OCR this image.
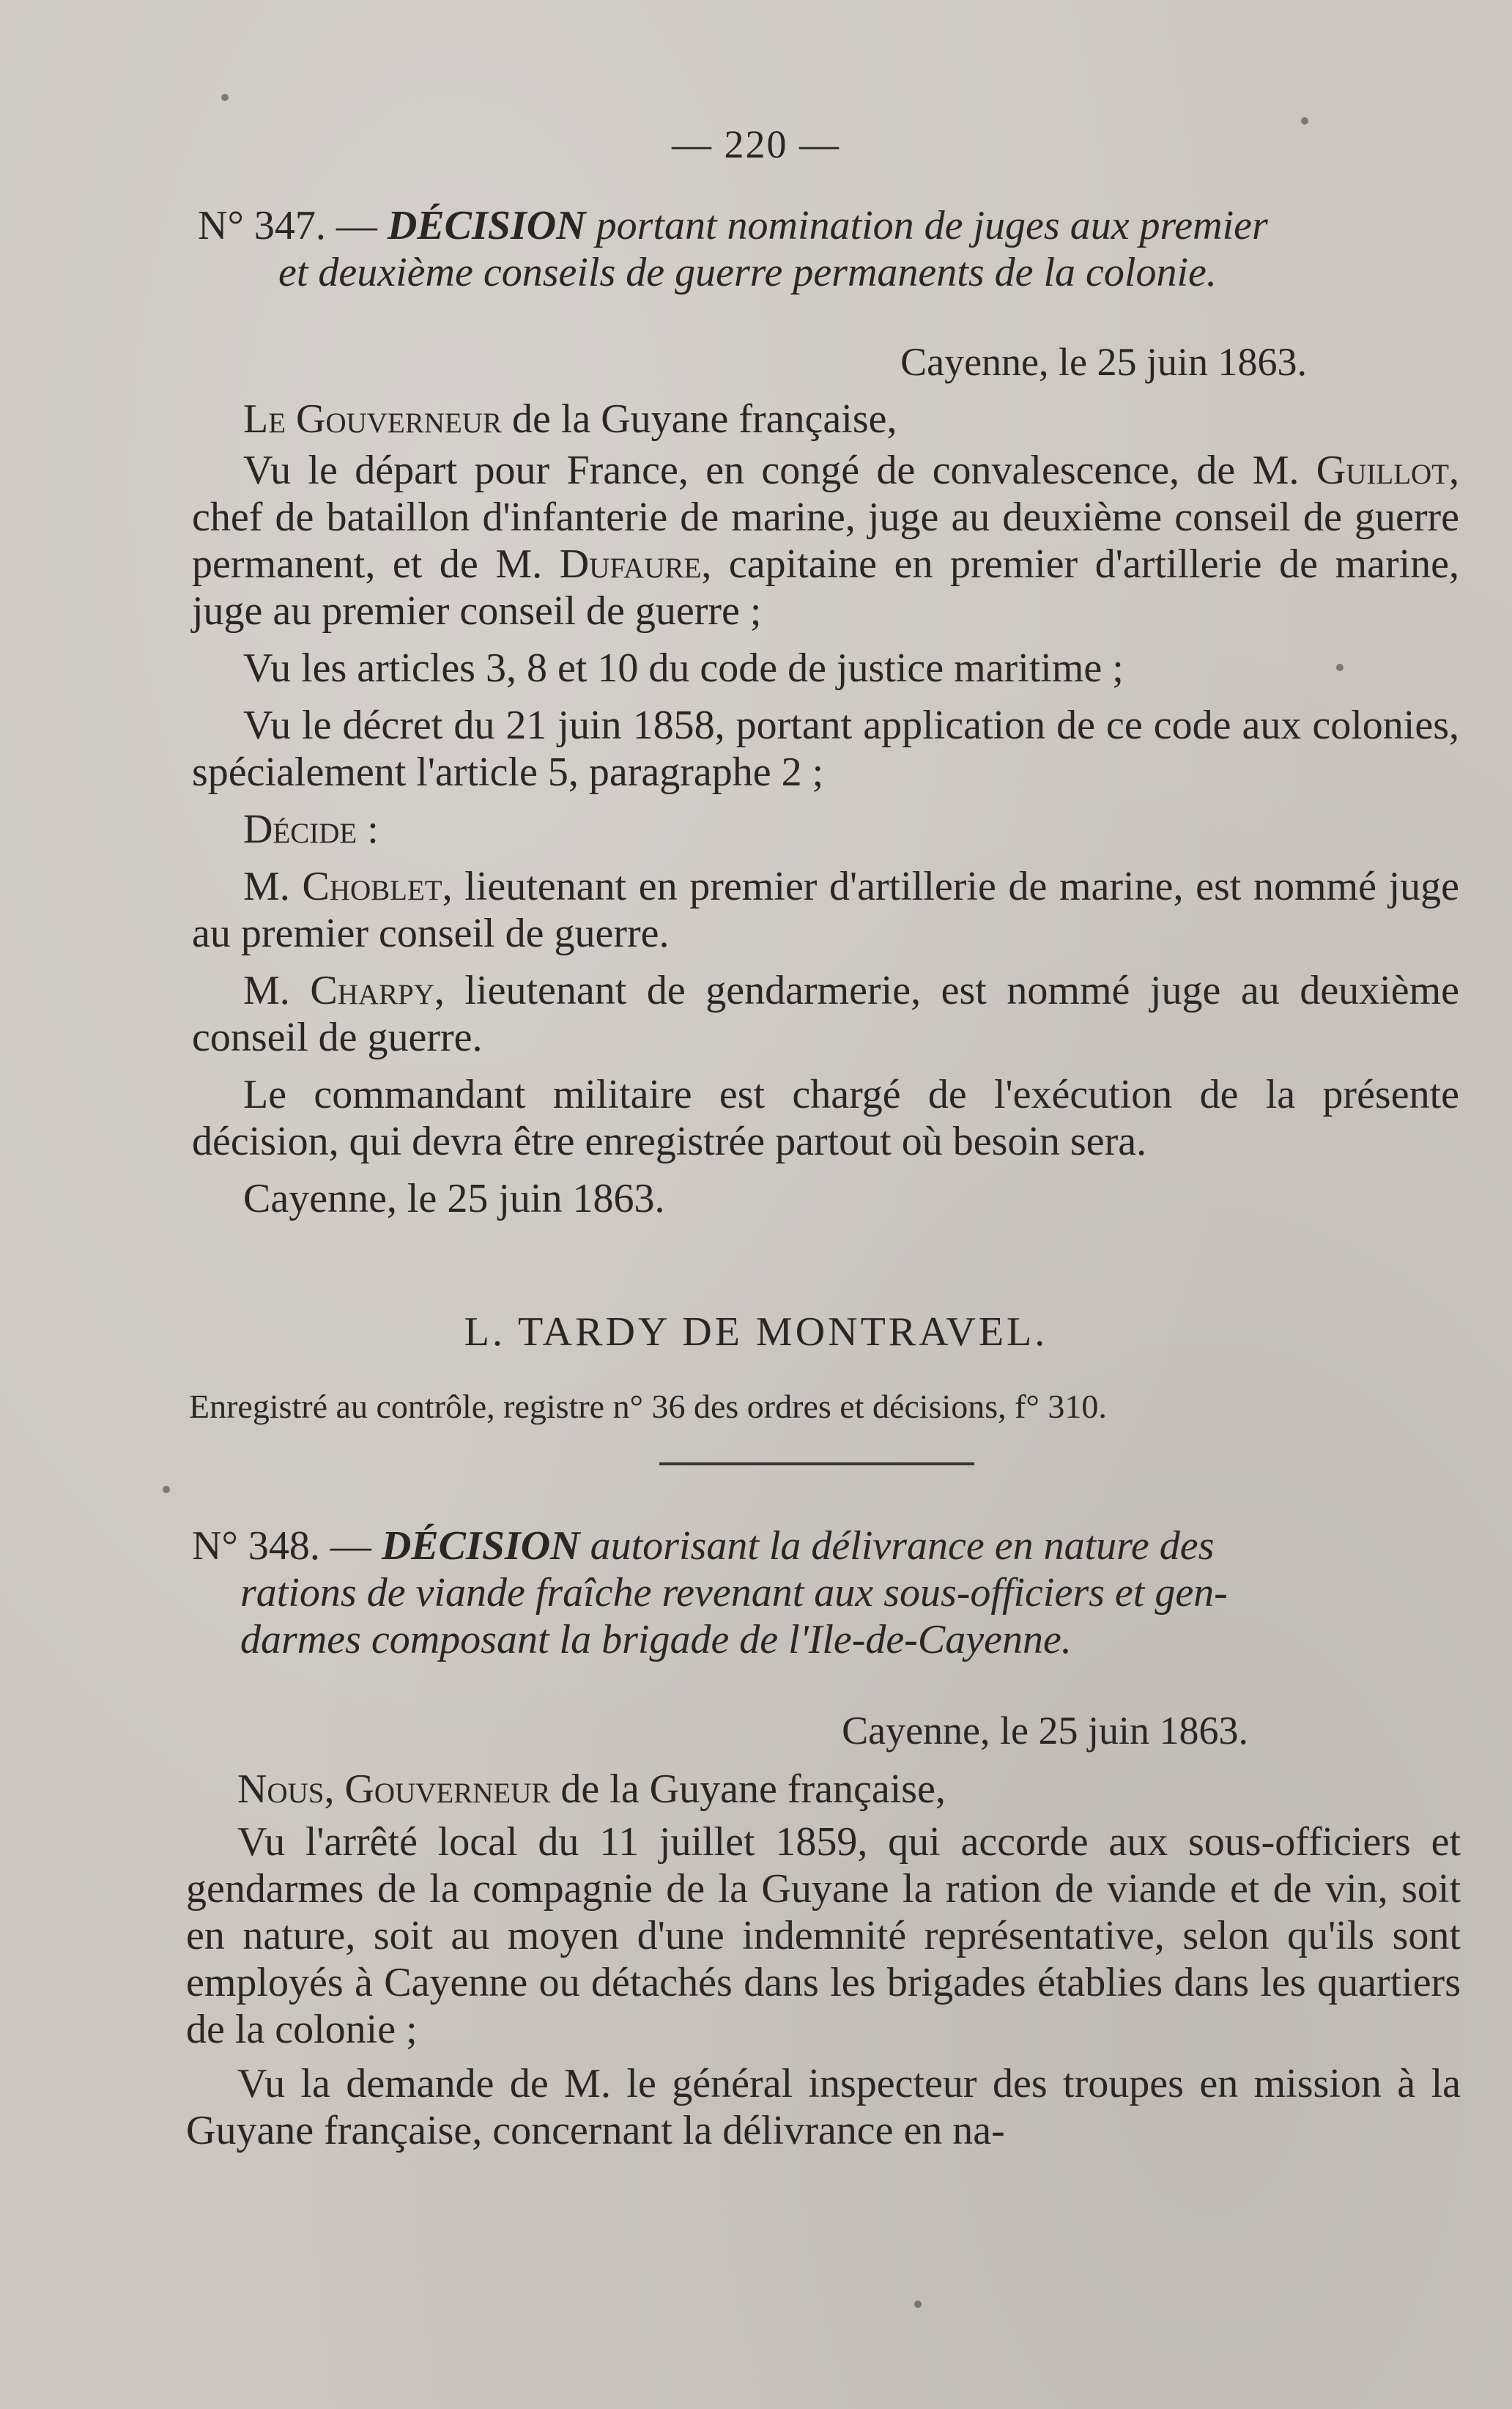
— 220 —
N° 347. — DÉCISION portant nomination de juges aux premier
et deuxième conseils de guerre permanents de la colonie.
Cayenne, le 25 juin 1863.

Le Gouverneur de la Guyane française,

Vu le départ pour France, en congé de convalescence, de M. Guillot, chef de bataillon d'infanterie de marine, juge au deuxième conseil de guerre permanent, et de M. Dufaure, capitaine en premier d'artillerie de marine, juge au premier conseil de guerre ;

Vu les articles 3, 8 et 10 du code de justice maritime ;

Vu le décret du 21 juin 1858, portant application de ce code aux colonies, spécialement l'article 5, paragraphe 2 ;

Décide :

M. Choblet, lieutenant en premier d'artillerie de marine, est nommé juge au premier conseil de guerre.

M. Charpy, lieutenant de gendarmerie, est nommé juge au deuxième conseil de guerre.

Le commandant militaire est chargé de l'exécution de la présente décision, qui devra être enregistrée partout où besoin sera.

Cayenne, le 25 juin 1863.

L. TARDY DE MONTRAVEL.
Enregistré au contrôle, registre n° 36 des ordres et décisions, f° 310.
N° 348. — DÉCISION autorisant la délivrance en nature des
rations de viande fraîche revenant aux sous-officiers et gen-
darmes composant la brigade de l'Ile-de-Cayenne.
Cayenne, le 25 juin 1863.

Nous, Gouverneur de la Guyane française,

Vu l'arrêté local du 11 juillet 1859, qui accorde aux sous-officiers et gendarmes de la compagnie de la Guyane la ration de viande et de vin, soit en nature, soit au moyen d'une indemnité représentative, selon qu'ils sont employés à Cayenne ou détachés dans les brigades établies dans les quartiers de la colonie ;

Vu la demande de M. le général inspecteur des troupes en mission à la Guyane française, concernant la délivrance en na-
